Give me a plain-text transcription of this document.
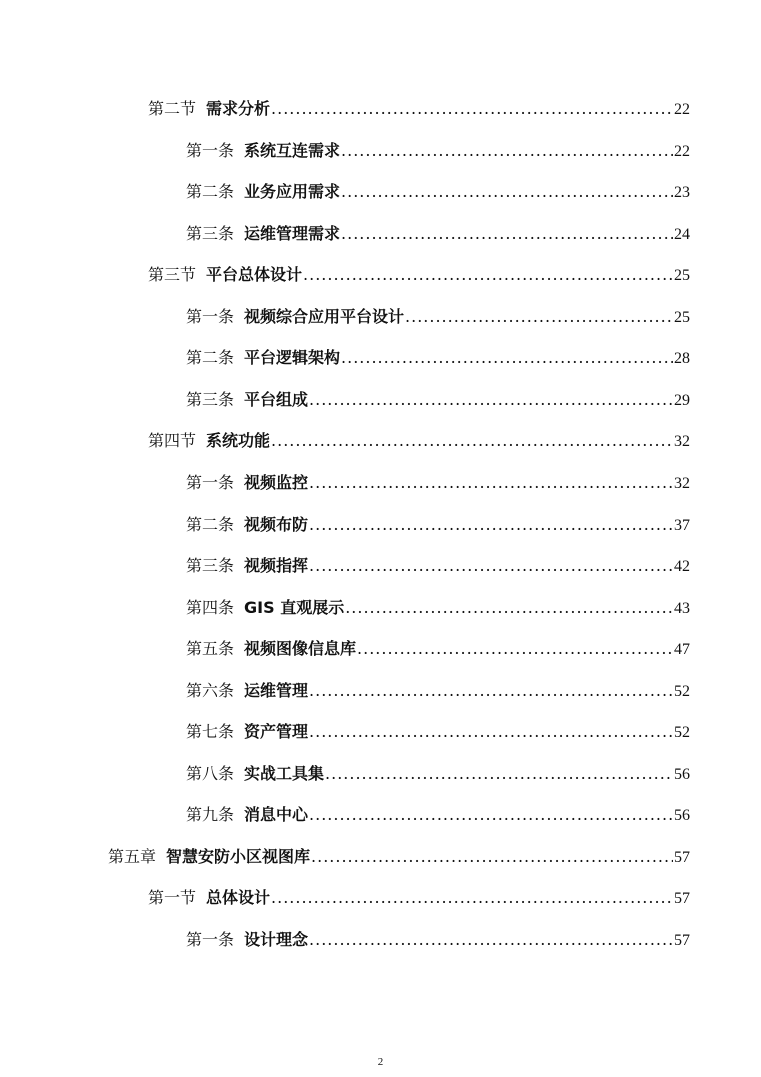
第二节 需求分析 .....	22
第一条 系统互连需求 .....	22
第二条 业务应用需求 .....	23
第三条 运维管理需求 .....	24
第三节 平台总体设计 .....	25
第一条 视频综合应用平台设计 .....	25
第二条 平台逻辑架构 .....	28
第三条 平台组成 .....	29
第四节 系统功能 .....	32
第一条 视频监控 .....	32
第二条 视频布防 .....	37
第三条 视频指挥 .....	42
第四条 GIS 直观展示 .....	43
第五条 视频图像信息库 .....	47
第六条 运维管理 .....	52
第七条 资产管理 .....	52
第八条 实战工具集 .....	56
第九条 消息中心 .....	56
第五章 智慧安防小区视图库 .....	57
第一节 总体设计 .....	57
第一条 设计理念 .....	57
2
